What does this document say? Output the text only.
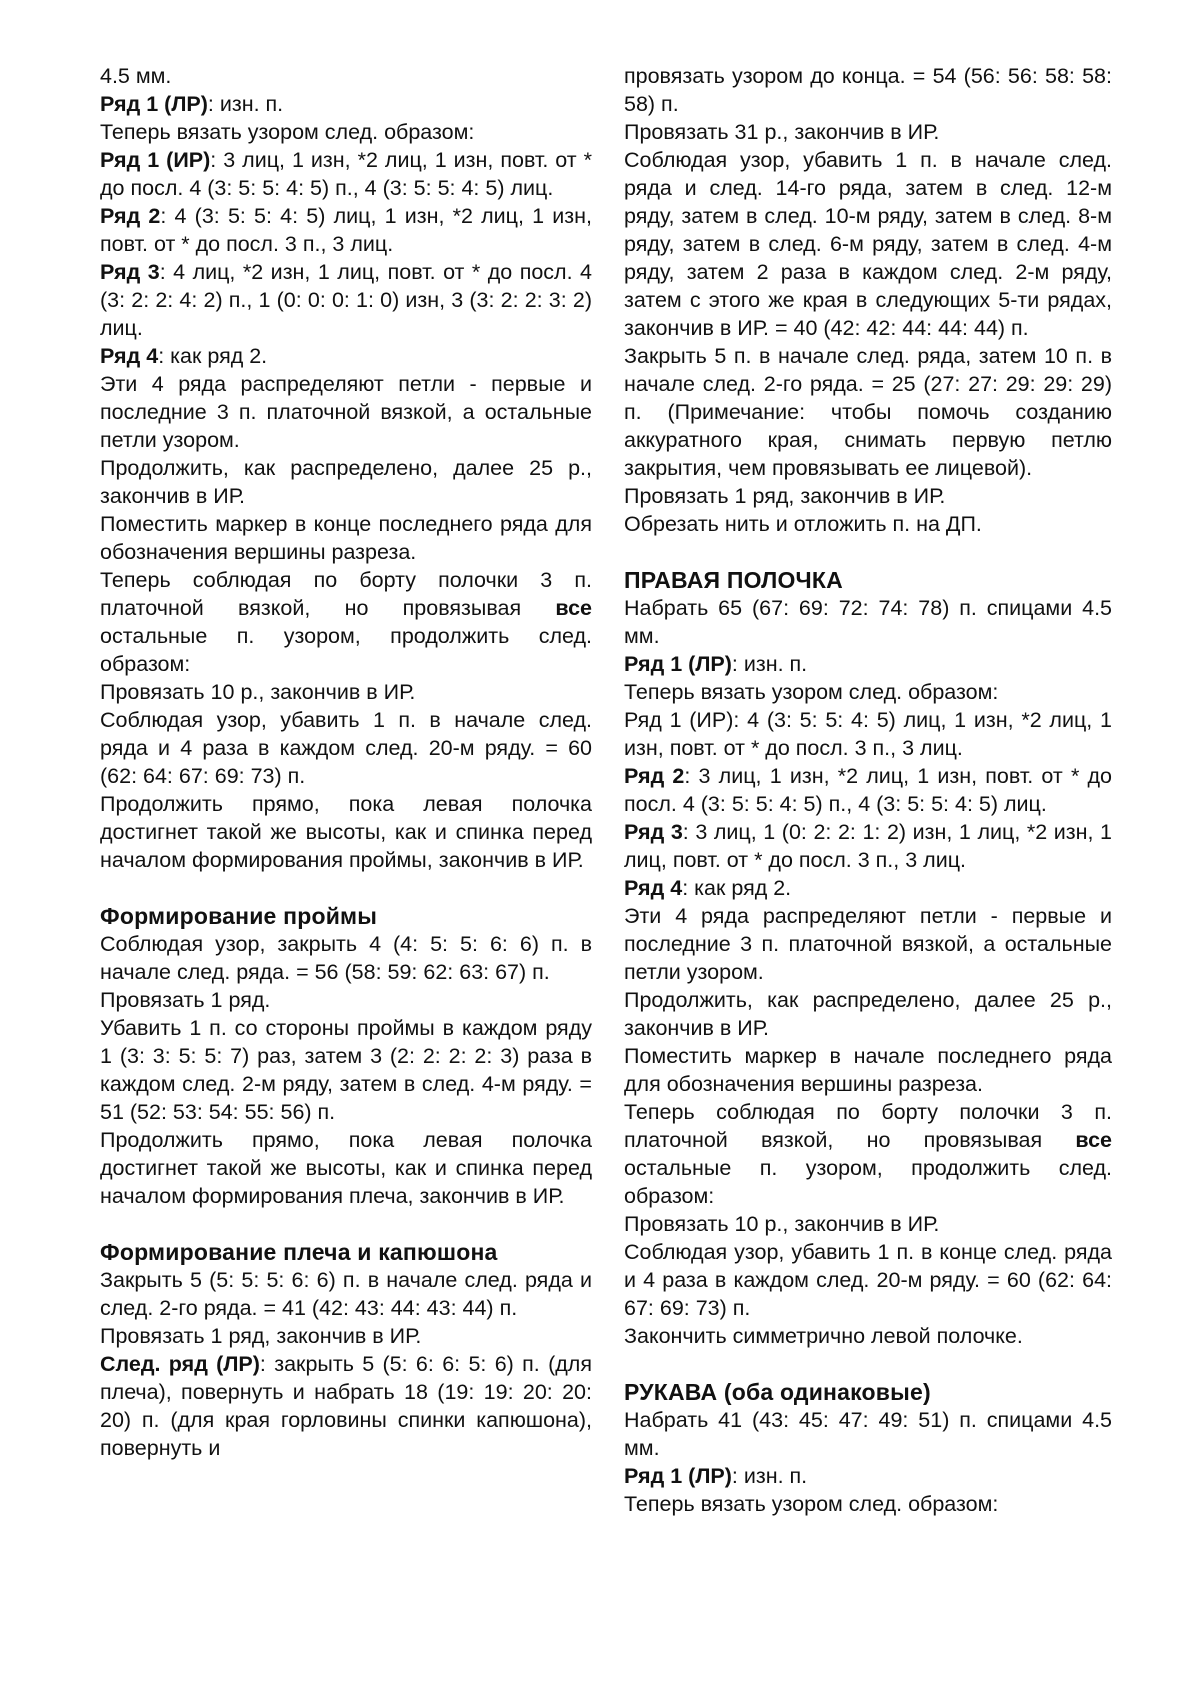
4.5 мм.

Ряд 1 (ЛР): изн. п.

Теперь вязать узором след. образом:

Ряд 1 (ИР): 3 лиц, 1 изн, *2 лиц, 1 изн, повт. от * до посл. 4 (3: 5: 5: 4: 5) п., 4 (3: 5: 5: 4: 5) лиц.

Ряд 2: 4 (3: 5: 5: 4: 5) лиц, 1 изн, *2 лиц, 1 изн, повт. от * до посл. 3 п., 3 лиц.

Ряд 3: 4 лиц, *2 изн, 1 лиц, повт. от * до посл. 4 (3: 2: 2: 4: 2) п., 1 (0: 0: 0: 1: 0) изн, 3 (3: 2: 2: 3: 2) лиц.

Ряд 4: как ряд 2.

Эти 4 ряда распределяют петли - первые и последние 3 п. платочной вязкой, а остальные петли узором.

Продолжить, как распределено, далее 25 р., закончив в ИР.

Поместить маркер в конце последнего ряда для обозначения вершины разреза.

Теперь соблюдая по борту полочки 3 п. платочной вязкой, но провязывая все остальные п. узором, продолжить след. образом:

Провязать 10 р., закончив в ИР.

Соблюдая узор, убавить 1 п. в начале след. ряда и 4 раза в каждом след. 20-м ряду. = 60 (62: 64: 67: 69: 73) п.

Продолжить прямо, пока левая полочка достигнет такой же высоты, как и спинка перед началом формирования проймы, закончив в ИР.

Формирование проймы

Соблюдая узор, закрыть 4 (4: 5: 5: 6: 6) п. в начале след. ряда. = 56 (58: 59: 62: 63: 67) п.

Провязать 1 ряд.

Убавить 1 п. со стороны проймы в каждом ряду 1 (3: 3: 5: 5: 7) раз, затем 3 (2: 2: 2: 2: 3) раза в каждом след. 2-м ряду, затем в след. 4-м ряду. = 51 (52: 53: 54: 55: 56) п.

Продолжить прямо, пока левая полочка достигнет такой же высоты, как и спинка перед началом формирования плеча, закончив в ИР.

Формирование плеча и капюшона

Закрыть 5 (5: 5: 5: 6: 6) п. в начале след. ряда и след. 2-го ряда. = 41 (42: 43: 44: 43: 44) п.

Провязать 1 ряд, закончив в ИР.

След. ряд (ЛР): закрыть 5 (5: 6: 6: 5: 6) п. (для плеча), повернуть и набрать 18 (19: 19: 20: 20: 20) п. (для края горловины спинки капюшона), повернуть и

провязать узором до конца. = 54 (56: 56: 58: 58: 58) п.

Провязать 31 р., закончив в ИР.

Соблюдая узор, убавить 1 п. в начале след. ряда и след. 14-го ряда, затем в след. 12-м ряду, затем в след. 10-м ряду, затем в след. 8-м ряду, затем в след. 6-м ряду, затем в след. 4-м ряду, затем 2 раза в каждом след. 2-м ряду, затем с этого же края в следующих 5-ти рядах, закончив в ИР. = 40 (42: 42: 44: 44: 44) п.

Закрыть 5 п. в начале след. ряда, затем 10 п. в начале след. 2-го ряда. = 25 (27: 27: 29: 29: 29) п. (Примечание: чтобы помочь созданию аккуратного края, снимать первую петлю закрытия, чем провязывать ее лицевой).

Провязать 1 ряд, закончив в ИР.

Обрезать нить и отложить п. на ДП.

ПРАВАЯ ПОЛОЧКА

Набрать 65 (67: 69: 72: 74: 78) п. спицами 4.5 мм.

Ряд 1 (ЛР): изн. п.

Теперь вязать узором след. образом:

Ряд 1 (ИР): 4 (3: 5: 5: 4: 5) лиц, 1 изн, *2 лиц, 1 изн, повт. от * до посл. 3 п., 3 лиц.

Ряд 2: 3 лиц, 1 изн, *2 лиц, 1 изн, повт. от * до посл. 4 (3: 5: 5: 4: 5) п., 4 (3: 5: 5: 4: 5) лиц.

Ряд 3: 3 лиц, 1 (0: 2: 2: 1: 2) изн, 1 лиц, *2 изн, 1 лиц, повт. от * до посл. 3 п., 3 лиц.

Ряд 4: как ряд 2.

Эти 4 ряда распределяют петли - первые и последние 3 п. платочной вязкой, а остальные петли узором.

Продолжить, как распределено, далее 25 р., закончив в ИР.

Поместить маркер в начале последнего ряда для обозначения вершины разреза.

Теперь соблюдая по борту полочки 3 п. платочной вязкой, но провязывая все остальные п. узором, продолжить след. образом:

Провязать 10 р., закончив в ИР.

Соблюдая узор, убавить 1 п. в конце след. ряда и 4 раза в каждом след. 20-м ряду. = 60 (62: 64: 67: 69: 73) п.

Закончить симметрично левой полочке.

РУКАВА (оба одинаковые)

Набрать 41 (43: 45: 47: 49: 51) п. спицами 4.5 мм.

Ряд 1 (ЛР): изн. п.

Теперь вязать узором след. образом:
